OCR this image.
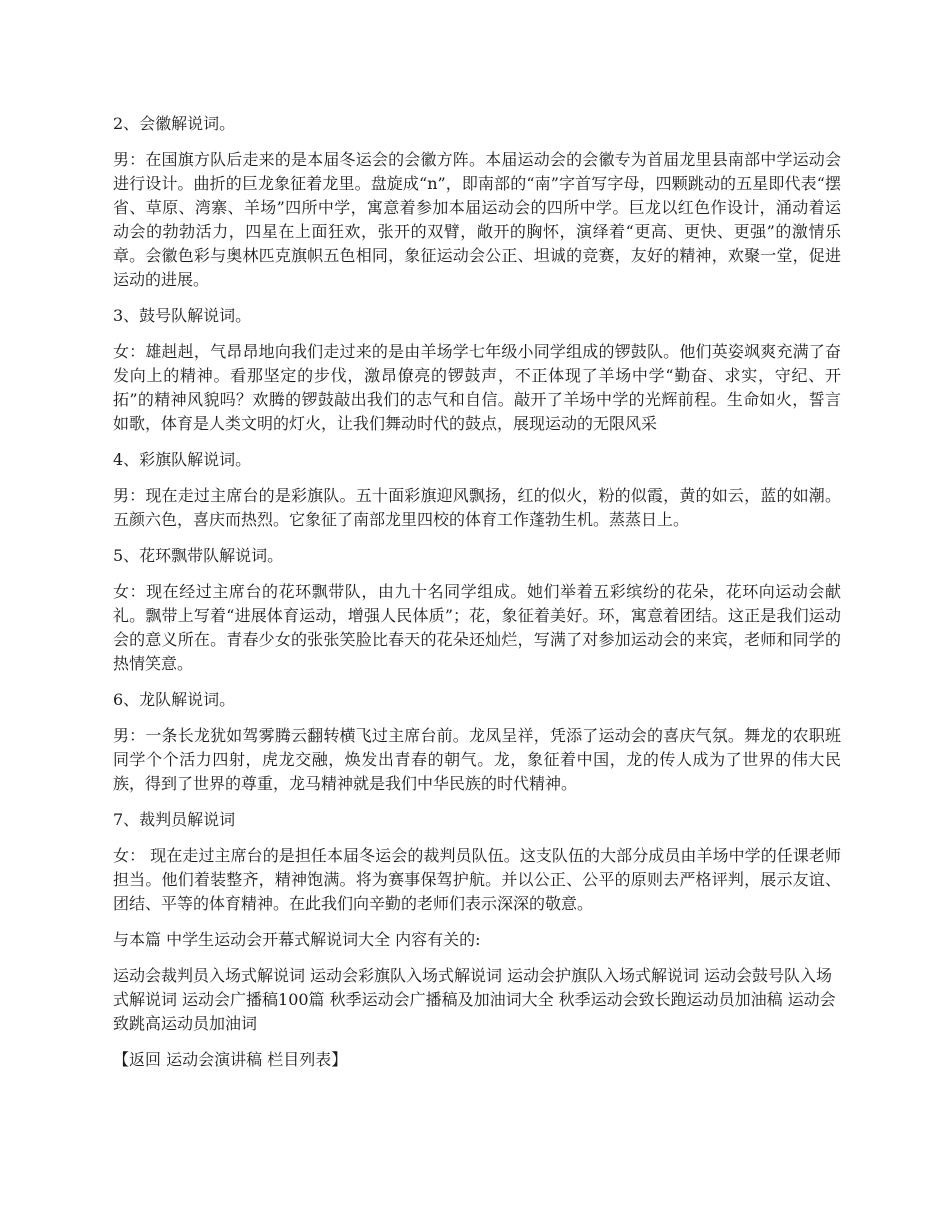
2、会徽解说词。

男：在国旗方队后走来的是本届冬运会的会徽方阵。本届运动会的会徽专为首届龙里县南部中学运动会进行设计。曲折的巨龙象征着龙里。盘旋成“n”，即南部的“南”字首写字母，四颗跳动的五星即代表“摆省、草原、湾寨、羊场”四所中学，寓意着参加本届运动会的四所中学。巨龙以红色作设计，涌动着运动会的勃勃活力，四星在上面狂欢，张开的双臂，敞开的胸怀，演绎着“更高、更快、更强”的激情乐章。会徽色彩与奥林匹克旗帜五色相同，象征运动会公正、坦诚的竞赛，友好的精神，欢聚一堂，促进运动的进展。

3、鼓号队解说词。

女：雄赳赳，气昂昂地向我们走过来的是由羊场学七年级小同学组成的锣鼓队。他们英姿飒爽充满了奋发向上的精神。看那坚定的步伐，激昂僚亮的锣鼓声，不正体现了羊场中学“勤奋、求实，守纪、开拓”的精神风貌吗？欢腾的锣鼓敲出我们的志气和自信。敲开了羊场中学的光辉前程。生命如火，誓言如歌，体育是人类文明的灯火，让我们舞动时代的鼓点，展现运动的无限风采

4、彩旗队解说词。

男：现在走过主席台的是彩旗队。五十面彩旗迎风飘扬，红的似火，粉的似霞，黄的如云，蓝的如潮。五颜六色，喜庆而热烈。它象征了南部龙里四校的体育工作蓬勃生机。蒸蒸日上。

5、花环飘带队解说词。

女：现在经过主席台的花环飘带队，由九十名同学组成。她们举着五彩缤纷的花朵，花环向运动会献礼。飘带上写着“进展体育运动，增强人民体质”；花，象征着美好。环，寓意着团结。这正是我们运动会的意义所在。青春少女的张张笑脸比春天的花朵还灿烂，写满了对参加运动会的来宾，老师和同学的热情笑意。

6、龙队解说词。

男：一条长龙犹如驾雾腾云翻转横飞过主席台前。龙凤呈祥，凭添了运动会的喜庆气氛。舞龙的农职班同学个个活力四射，虎龙交融，焕发出青春的朝气。龙，象征着中国，龙的传人成为了世界的伟大民族，得到了世界的尊重，龙马精神就是我们中华民族的时代精神。

7、裁判员解说词

女： 现在走过主席台的是担任本届冬运会的裁判员队伍。这支队伍的大部分成员由羊场中学的任课老师担当。他们着装整齐，精神饱满。将为赛事保驾护航。并以公正、公平的原则去严格评判，展示友谊、团结、平等的体育精神。在此我们向辛勤的老师们表示深深的敬意。

与本篇 中学生运动会开幕式解说词大全 内容有关的:

运动会裁判员入场式解说词 运动会彩旗队入场式解说词 运动会护旗队入场式解说词 运动会鼓号队入场式解说词 运动会广播稿100篇 秋季运动会广播稿及加油词大全 秋季运动会致长跑运动员加油稿 运动会致跳高运动员加油词

【返回 运动会演讲稿 栏目列表】
